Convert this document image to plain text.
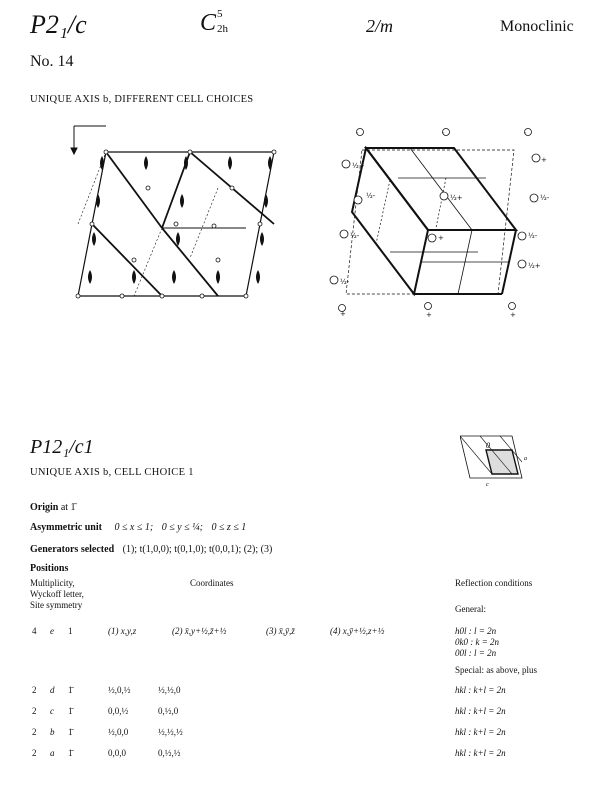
P2₁/c	C 5
2h	2/m	Monoclinic
No. 14
UNIQUE AXIS b, DIFFERENT CELL CHOICES
·	·	·
½+
+
½-	½+	½-
½-	+	½-
½-
½+
+	+	+
P12₁/c1
UNIQUE AXIS b, CELL CHOICE 1
0
a
c
Origin at 1̄
Asymmetric unit 0 ≤ x ≤ 1; 0 ≤ y ≤ ¼; 0 ≤ z ≤ 1
Generators selected (1); t(1,0,0); t(0,1,0); t(0,0,1); (2); (3)
Positions
Multiplicity,
Wyckoff letter,
Site symmetry
Coordinates	Reflection conditions
General:
4 e 1	(1) x,y,z	(2) x̄,y+½,z̄+½	(3) x̄,ȳ,z̄	(4) x,ȳ+½,z+½	h0l : l = 2n
0k0 : k = 2n
00l : l = 2n
Special: as above, plus
2 d 1̄	½,0,½	½,½,0	hkl : k+l = 2n
2 c 1̄	0,0,½	0,½,0	hkl : k+l = 2n
2 b 1̄	½,0,0	½,½,½	hkl : k+l = 2n
2 a 1̄	0,0,0	0,½,½	hkl : k+l = 2n
